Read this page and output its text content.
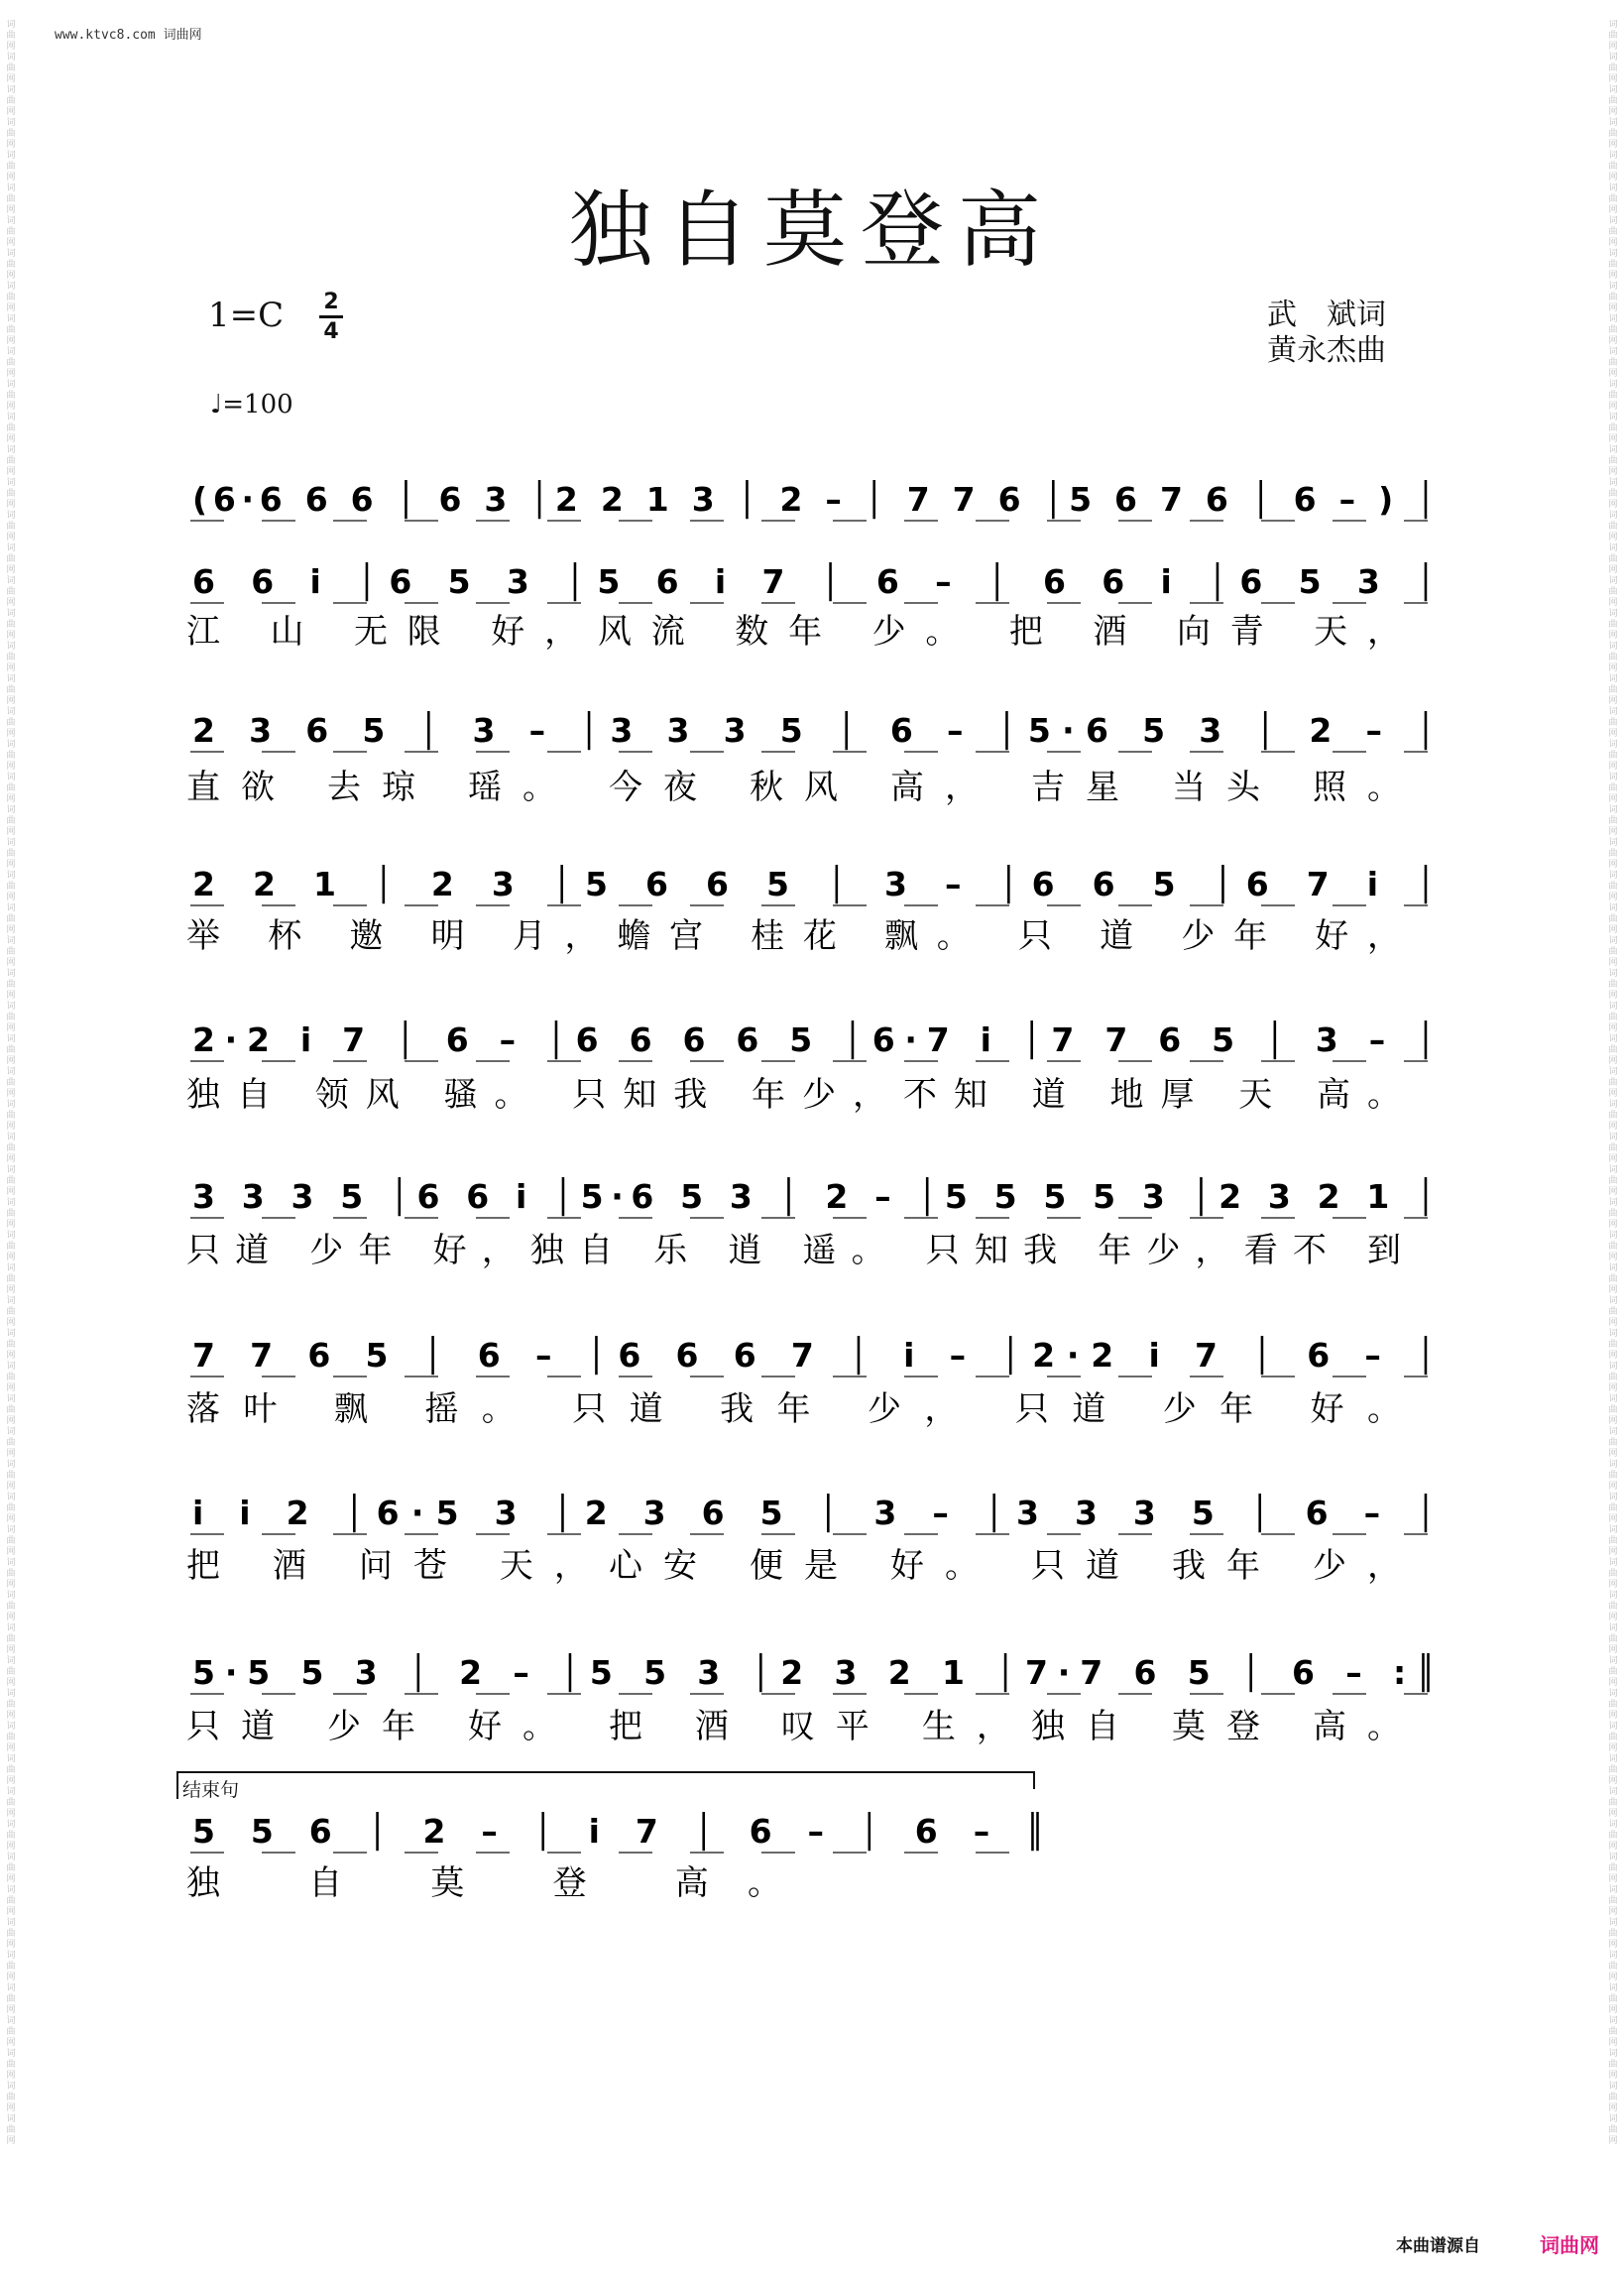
www.ktvc8.com 词曲网
词曲网词曲网词曲网词曲网词曲网词曲网词曲网词曲网词曲网词曲网词曲网词曲网词曲网词曲网词曲网词曲网词曲网词曲网词曲网词曲网词曲网词曲网词曲网词曲网词曲网词曲网词曲网词曲网词曲网词曲网词曲网词曲网词曲网词曲网词曲网词曲网词曲网词曲网词曲网词曲网词曲网词曲网词曲网词曲网词曲网词曲网词曲网词曲网词曲网词曲网词曲网词曲网词曲网词曲网词曲网词曲网词曲网词曲网词曲网词曲网词曲网词曲网词曲网词曲网词曲网
词曲网词曲网词曲网词曲网词曲网词曲网词曲网词曲网词曲网词曲网词曲网词曲网词曲网词曲网词曲网词曲网词曲网词曲网词曲网词曲网词曲网词曲网词曲网词曲网词曲网词曲网词曲网词曲网词曲网词曲网词曲网词曲网词曲网词曲网词曲网词曲网词曲网词曲网词曲网词曲网词曲网词曲网词曲网词曲网词曲网词曲网词曲网词曲网词曲网词曲网词曲网词曲网词曲网词曲网词曲网词曲网词曲网词曲网词曲网词曲网词曲网词曲网词曲网词曲网词曲网
独自莫登高
1=C 2
4
♩=100
武　斌词
黄永杰曲
(6·6 6 6 │ 6 3 │2 2 1 3 │ 2 – │ 7 7 6 │5 6 7 6 │ 6 – ) │
6 6 i │6 5 3 │5 6 i 7 │ 6 – │ 6 6 i │6 5 3 │
江 山 无限 好，风流 数年 少。 把 酒 向青 天，
2 3 6 5 │ 3 – │3 3 3 5 │ 6 – │5·6 5 3 │ 2 – │
直欲 去琼 瑶。 今夜 秋风 高， 吉星 当头 照。
2 2 1 │ 2 3 │5 6 6 5 │ 3 – │6 6 5 │6 7 i │
举 杯 邀 明 月，蟾宫 桂花 飘。 只 道 少年 好，
2·2 i 7 │ 6 – │6 6 6 6 5 │6·7 i │7 7 6 5 │ 3 – │
独自 领风 骚。 只知我 年少，不知 道 地厚 天 高。
3 3 3 5 │6 6 i │5·6 5 3 │ 2 – │5 5 5 5 3 │2 3 2 1 │
只道 少年 好，独自 乐 逍 遥。 只知我 年少，看不 到
7 7 6 5 │ 6 – │6 6 6 7 │ i – │2·2 i 7 │ 6 – │
落叶 飘 摇。 只道 我年 少， 只道 少年 好。
i i 2 │6·5 3 │2 3 6 5 │ 3 – │3 3 3 5 │ 6 – │
把 酒 问苍 天，心安 便是 好。 只道 我年 少，
5·5 5 3 │ 2 – │5 5 3 │2 3 2 1 │7·7 6 5 │ 6 – :║
只道 少年 好。 把 酒 叹平 生，独自 莫登 高。
5 5 6 │ 2 – │ i 7 │ 6 – │ 6 – ║
独 自 莫 登 高。
结束句
本曲谱源自	词曲网
